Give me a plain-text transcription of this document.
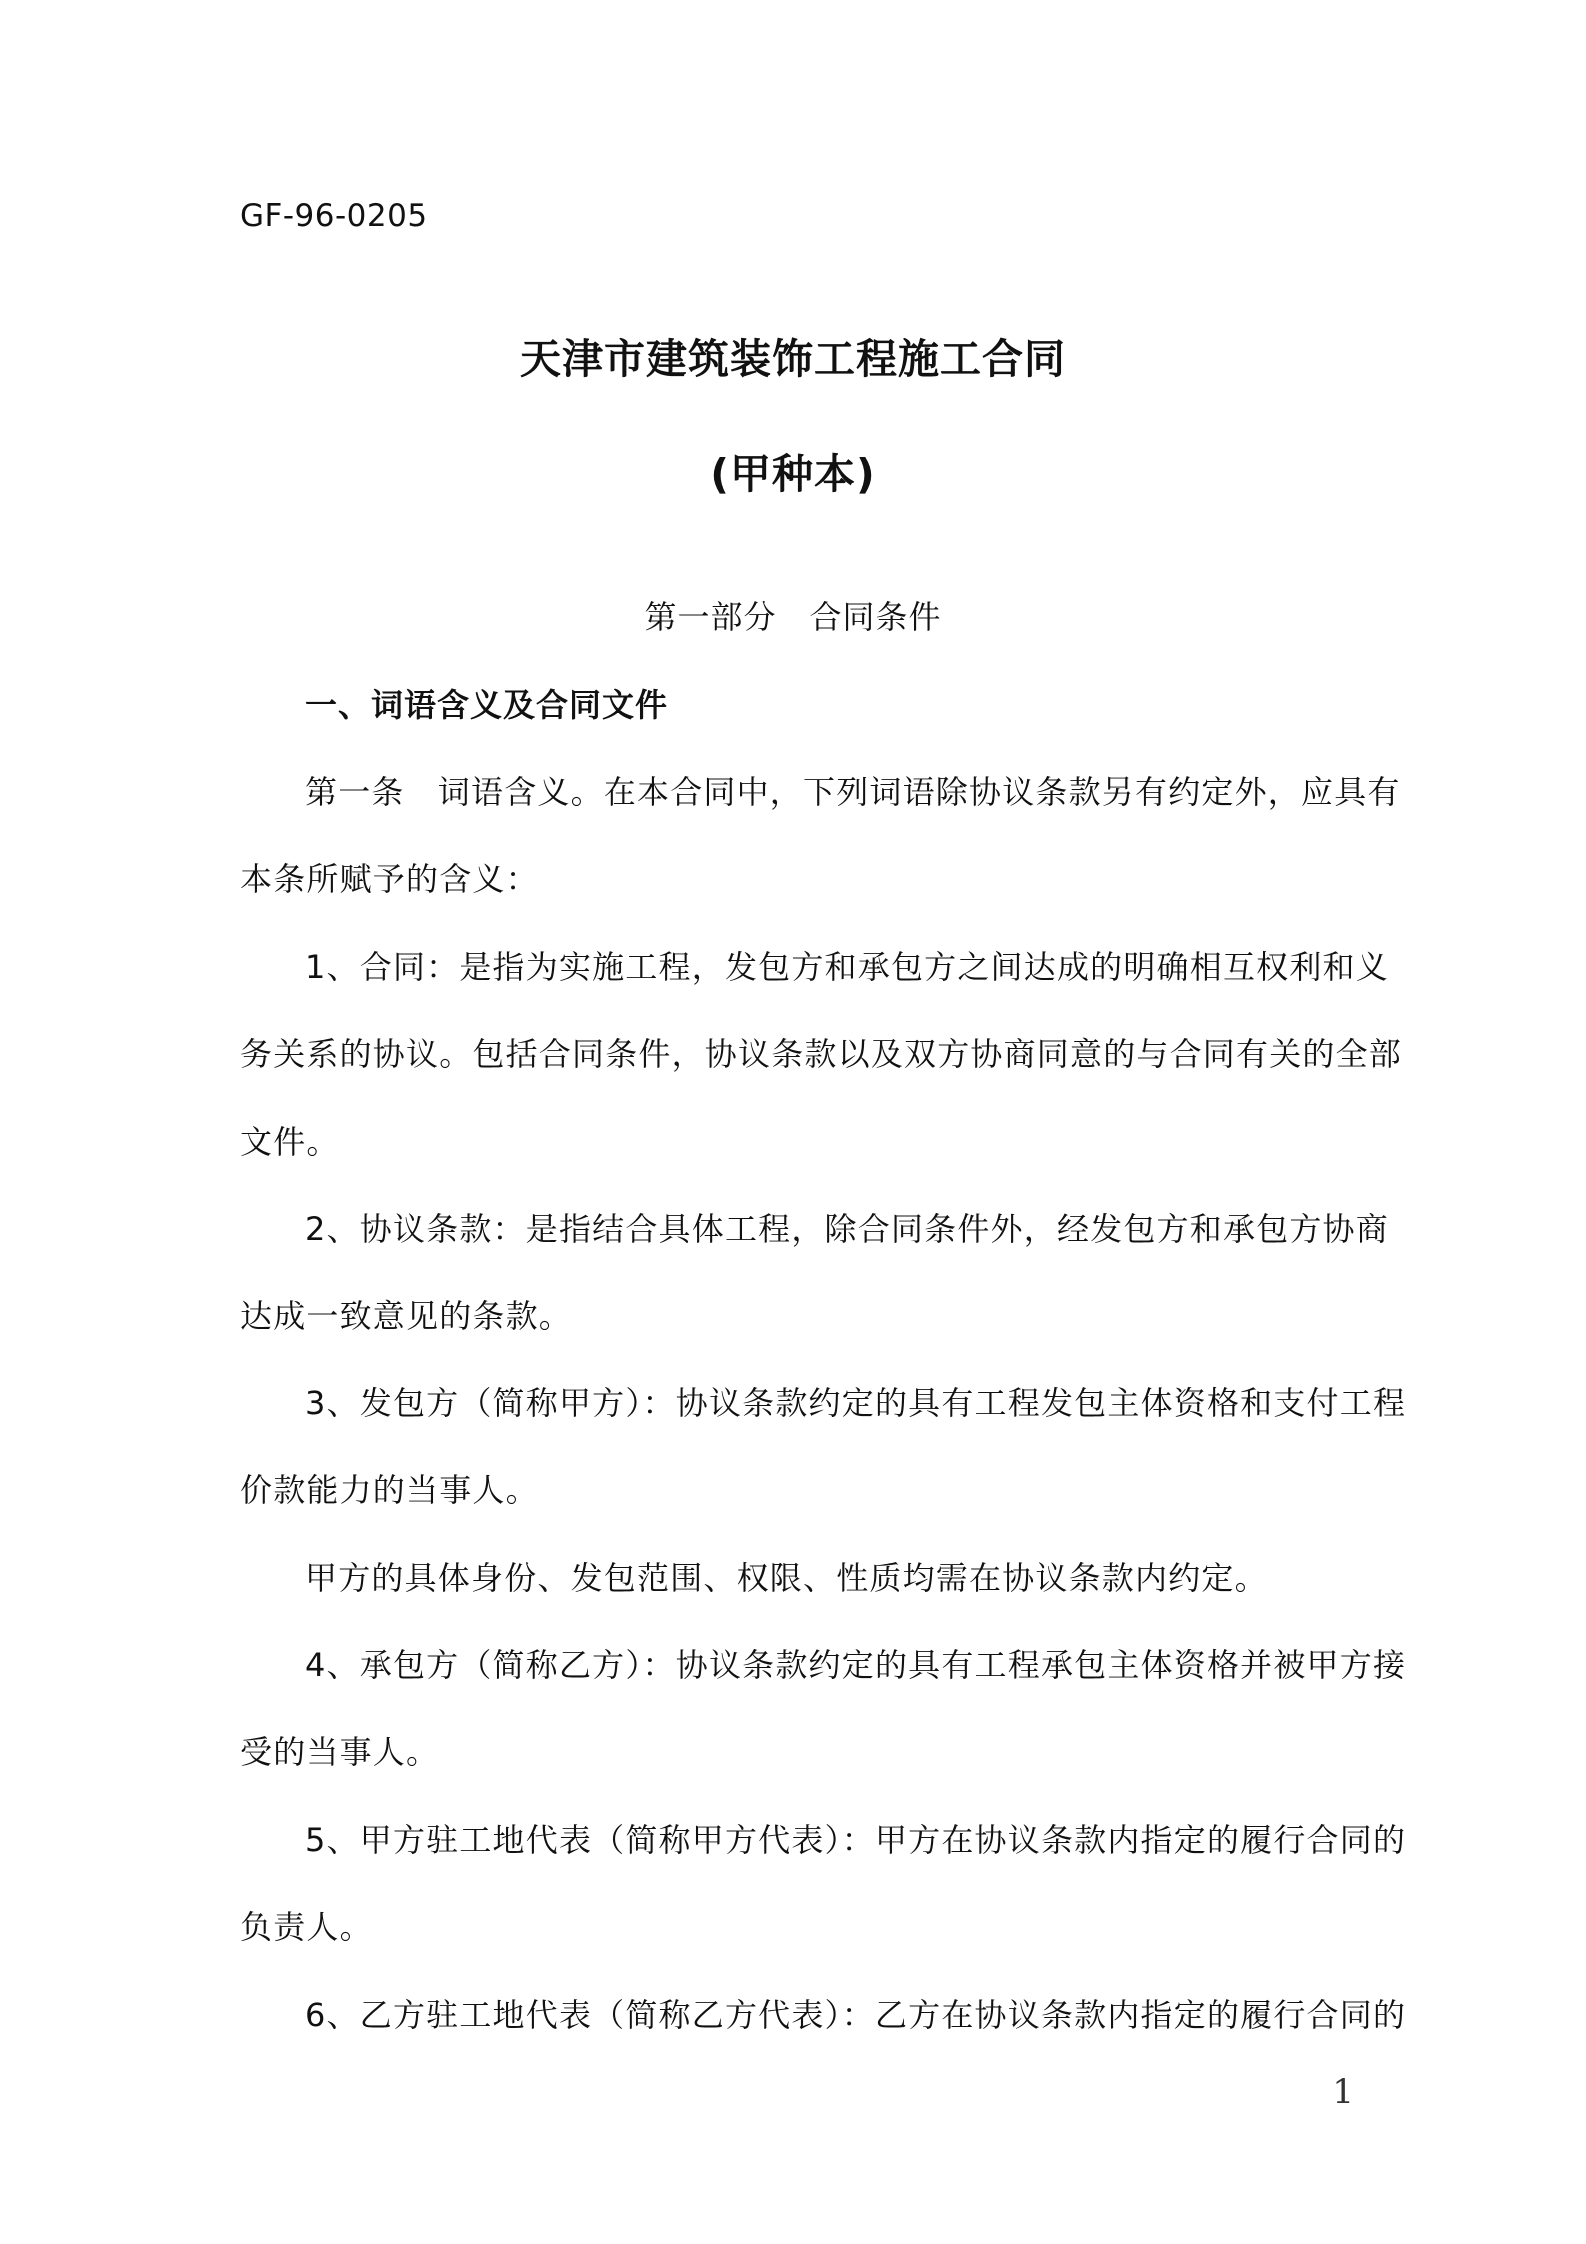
GF-96-0205
天津市建筑装饰工程施工合同
(甲种本)
第一部分　合同条件
一、词语含义及合同文件
第一条　词语含义。在本合同中，下列词语除协议条款另有约定外，应具有
本条所赋予的含义：
1、合同：是指为实施工程，发包方和承包方之间达成的明确相互权利和义
务关系的协议。包括合同条件，协议条款以及双方协商同意的与合同有关的全部
文件。
2、协议条款：是指结合具体工程，除合同条件外，经发包方和承包方协商
达成一致意见的条款。
3、发包方（简称甲方）：协议条款约定的具有工程发包主体资格和支付工程
价款能力的当事人。
甲方的具体身份、发包范围、权限、性质均需在协议条款内约定。
4、承包方（简称乙方）：协议条款约定的具有工程承包主体资格并被甲方接
受的当事人。
5、甲方驻工地代表（简称甲方代表）：甲方在协议条款内指定的履行合同的
负责人。
6、乙方驻工地代表（简称乙方代表）：乙方在协议条款内指定的履行合同的
1
